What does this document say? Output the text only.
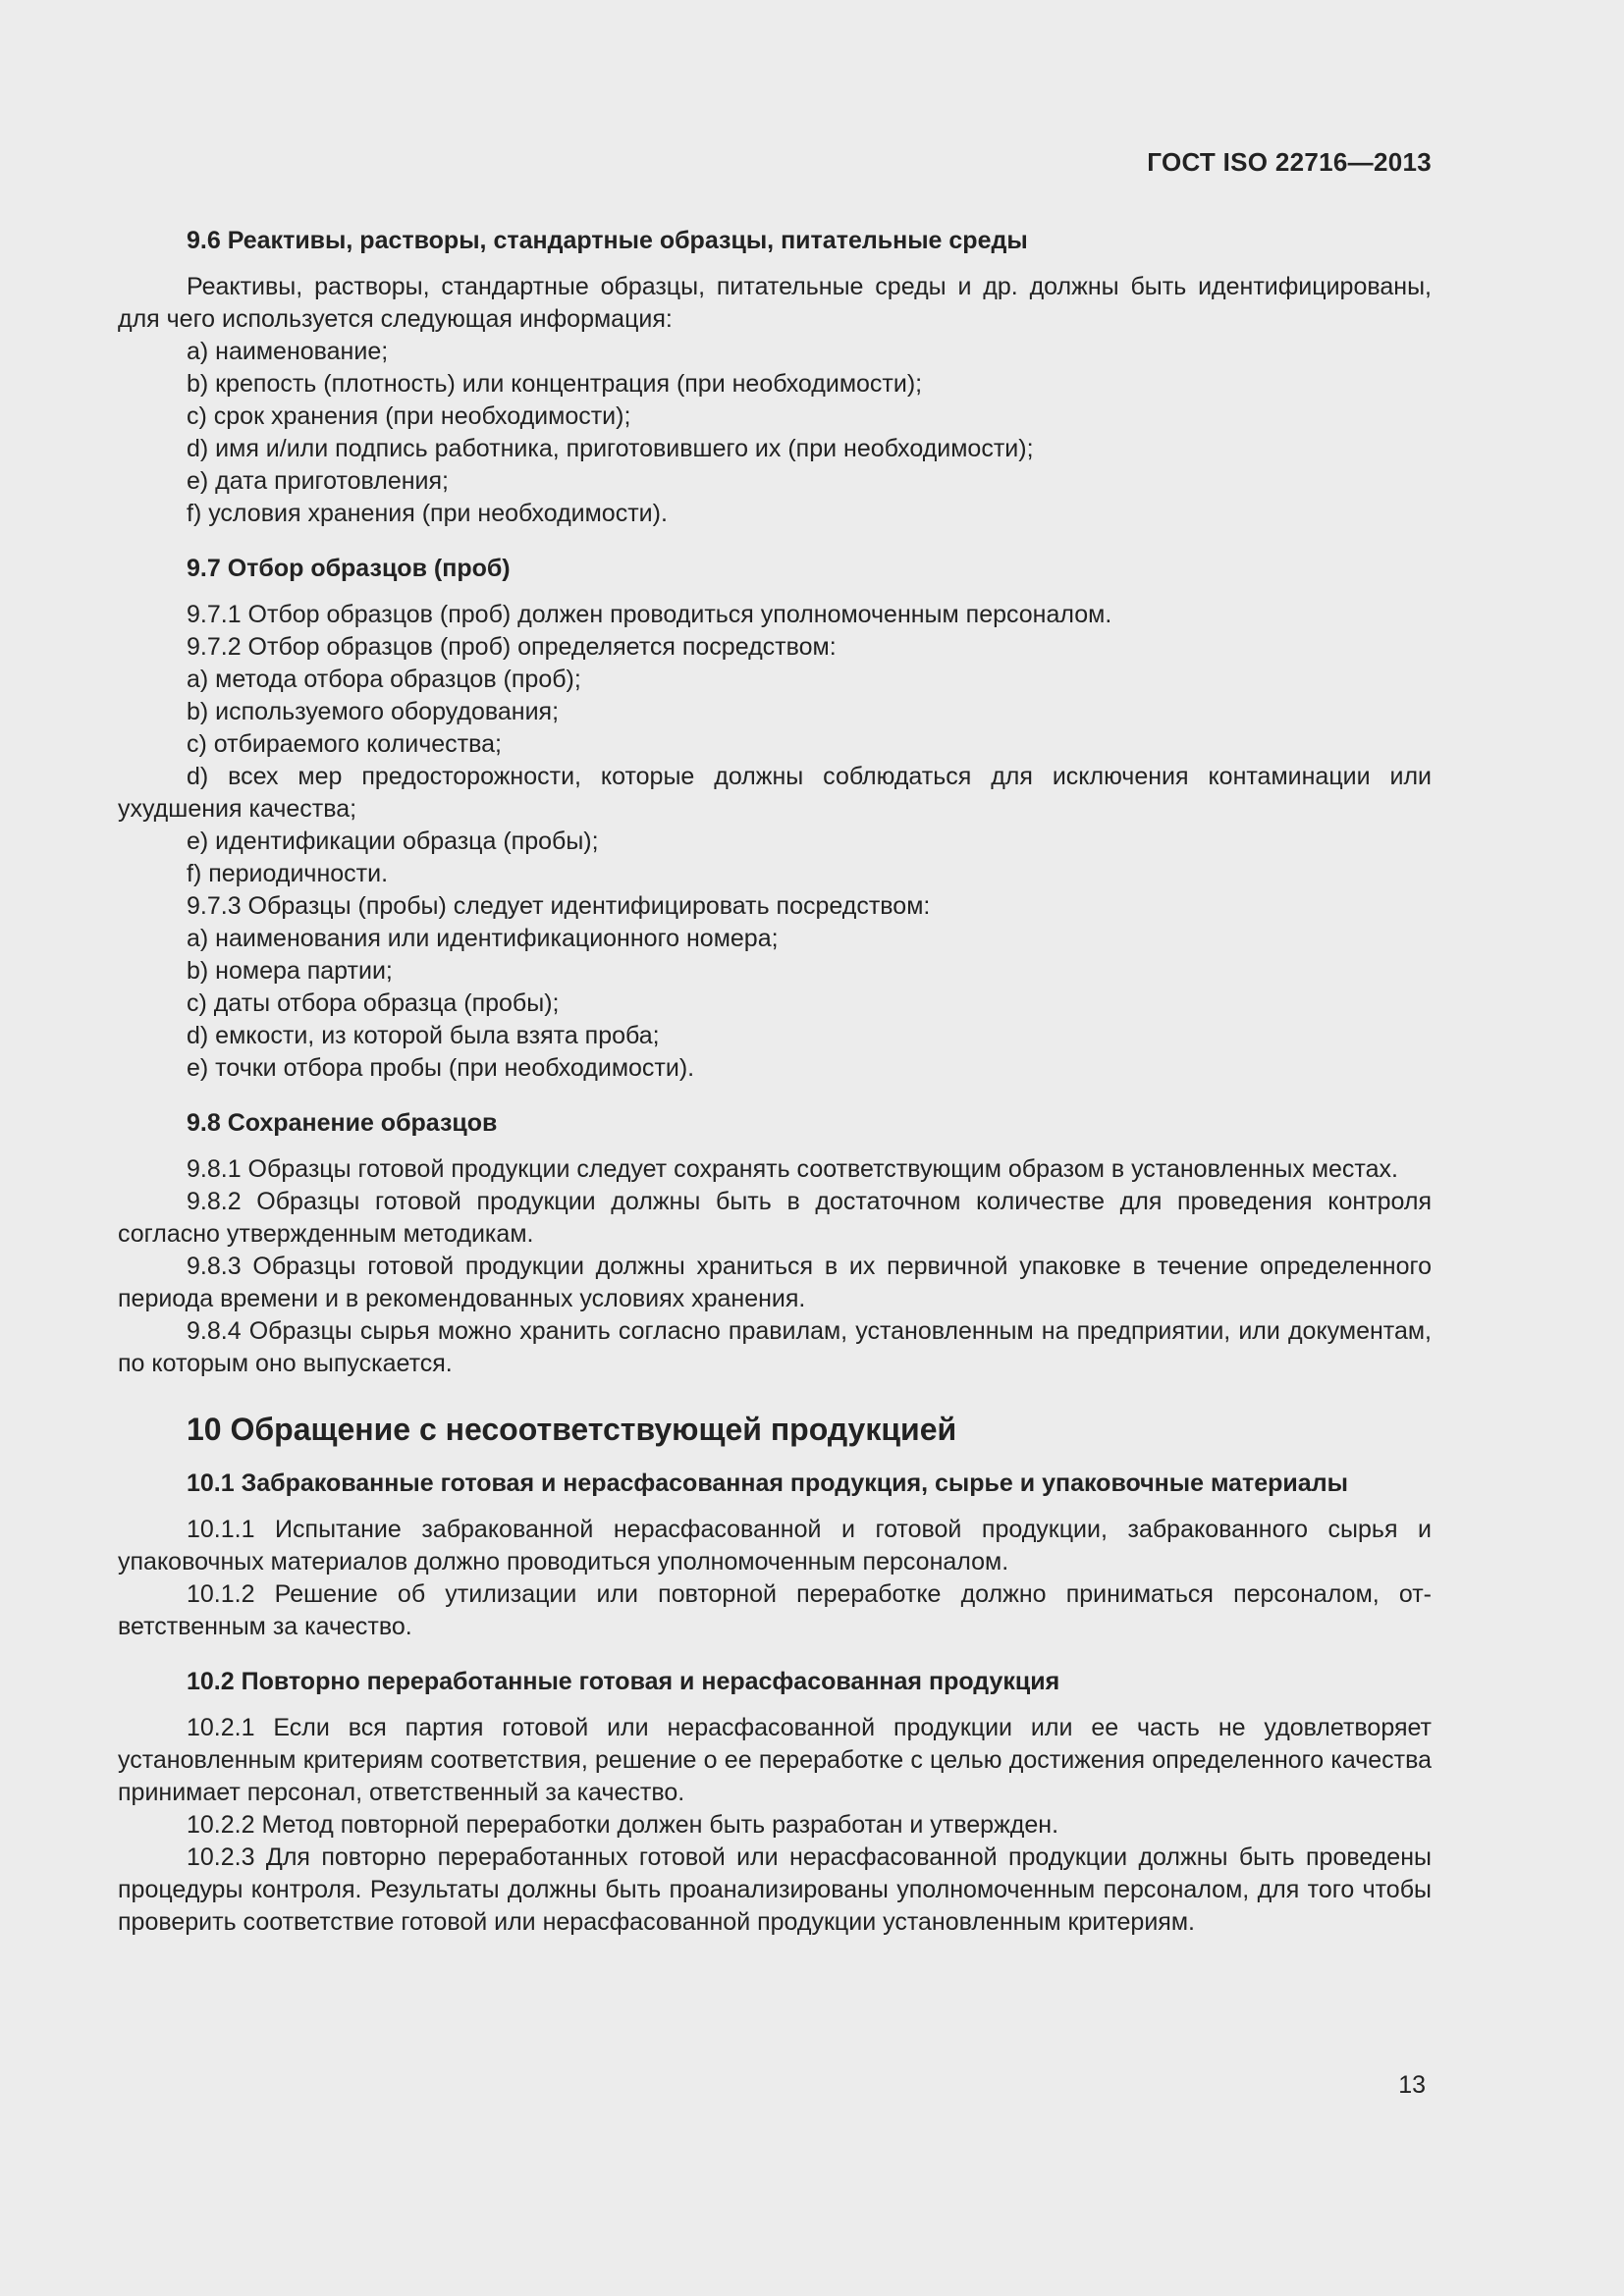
ГОСТ ISO 22716—2013
9.6 Реактивы, растворы, стандартные образцы, питательные среды

Реактивы, растворы, стандартные образцы, питательные среды и др. должны быть идентифицированы, для чего используется следующая информация:

a) наименование;

b) крепость (плотность) или концентрация (при необходимости);

c) срок хранения (при необходимости);

d) имя и/или подпись работника, приготовившего их (при необходимости);

e) дата приготовления;

f) условия хранения (при необходимости).

9.7 Отбор образцов (проб)

9.7.1 Отбор образцов (проб) должен проводиться уполномоченным персоналом.

9.7.2 Отбор образцов (проб) определяется посредством:

a) метода отбора образцов (проб);

b) используемого оборудования;

c) отбираемого количества;

d) всех мер предосторожности, которые должны соблюдаться для исключения контаминации или ухудшения качества;

e) идентификации образца (пробы);

f) периодичности.

9.7.3 Образцы (пробы) следует идентифицировать посредством:

a) наименования или идентификационного номера;

b) номера партии;

c) даты отбора образца (пробы);

d) емкости, из которой была взята проба;

e) точки отбора пробы (при необходимости).

9.8 Сохранение образцов

9.8.1 Образцы готовой продукции следует сохранять соответствующим образом в установленных местах.

9.8.2 Образцы готовой продукции должны быть в достаточном количестве для проведения контроля согласно утвержденным методикам.

9.8.3 Образцы готовой продукции должны храниться в их первичной упаковке в течение определенного периода времени и в рекомендованных условиях хранения.

9.8.4 Образцы сырья можно хранить согласно правилам, установленным на предприятии, или документам, по которым оно выпускается.

10 Обращение с несоответствующей продукцией
10.1 Забракованные готовая и нерасфасованная продукция, сырье и упаковочные материалы

10.1.1 Испытание забракованной нерасфасованной и готовой продукции, забракованного сырья и упаковочных материалов должно проводиться уполномоченным персоналом.

10.1.2 Решение об утилизации или повторной переработке должно приниматься персоналом, ответственным за качество.

10.2 Повторно переработанные готовая и нерасфасованная продукция

10.2.1 Если вся партия готовой или нерасфасованной продукции или ее часть не удовлетворяет установленным критериям соответствия, решение о ее переработке с целью достижения определенного качества принимает персонал, ответственный за качество.

10.2.2 Метод повторной переработки должен быть разработан и утвержден.

10.2.3 Для повторно переработанных готовой или нерасфасованной продукции должны быть проведены процедуры контроля. Результаты должны быть проанализированы уполномоченным персоналом, для того чтобы проверить соответствие готовой или нерасфасованной продукции установленным критериям.

13
